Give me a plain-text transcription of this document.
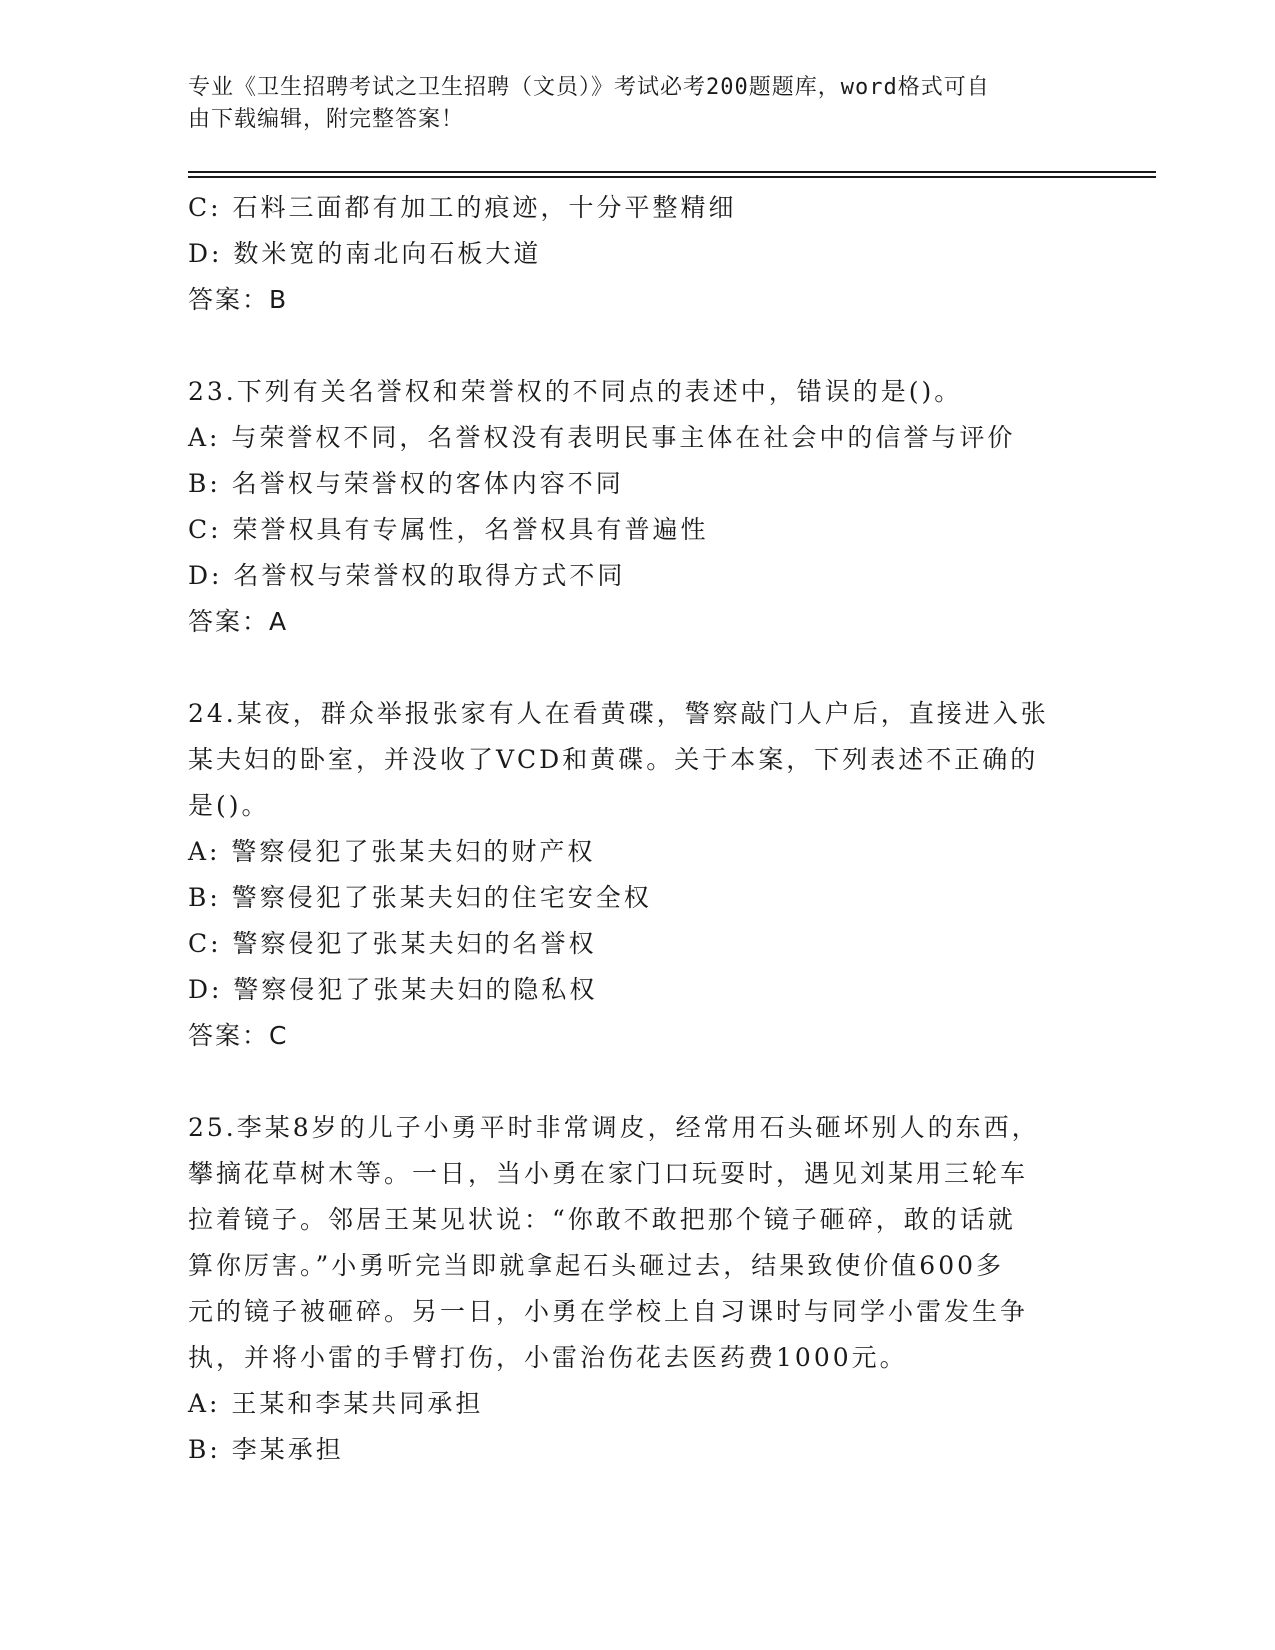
专业《卫生招聘考试之卫生招聘（文员）》考试必考200题题库，word格式可自
由下载编辑，附完整答案！
C: 石料三面都有加工的痕迹，十分平整精细
D: 数米宽的南北向石板大道
答案：B
23.下列有关名誉权和荣誉权的不同点的表述中，错误的是()。
A: 与荣誉权不同，名誉权没有表明民事主体在社会中的信誉与评价
B: 名誉权与荣誉权的客体内容不同
C: 荣誉权具有专属性，名誉权具有普遍性
D: 名誉权与荣誉权的取得方式不同
答案：A
24.某夜，群众举报张家有人在看黄碟，警察敲门人户后，直接进入张
某夫妇的卧室，并没收了VCD和黄碟。关于本案，下列表述不正确的
是()。
A: 警察侵犯了张某夫妇的财产权
B: 警察侵犯了张某夫妇的住宅安全权
C: 警察侵犯了张某夫妇的名誉权
D: 警察侵犯了张某夫妇的隐私权
答案：C
25.李某8岁的儿子小勇平时非常调皮，经常用石头砸坏别人的东西，
攀摘花草树木等。一日，当小勇在家门口玩耍时，遇见刘某用三轮车
拉着镜子。邻居王某见状说：“你敢不敢把那个镜子砸碎，敢的话就
算你厉害。”小勇听完当即就拿起石头砸过去，结果致使价值600多
元的镜子被砸碎。另一日，小勇在学校上自习课时与同学小雷发生争
执，并将小雷的手臂打伤，小雷治伤花去医药费1000元。
A: 王某和李某共同承担
B: 李某承担
